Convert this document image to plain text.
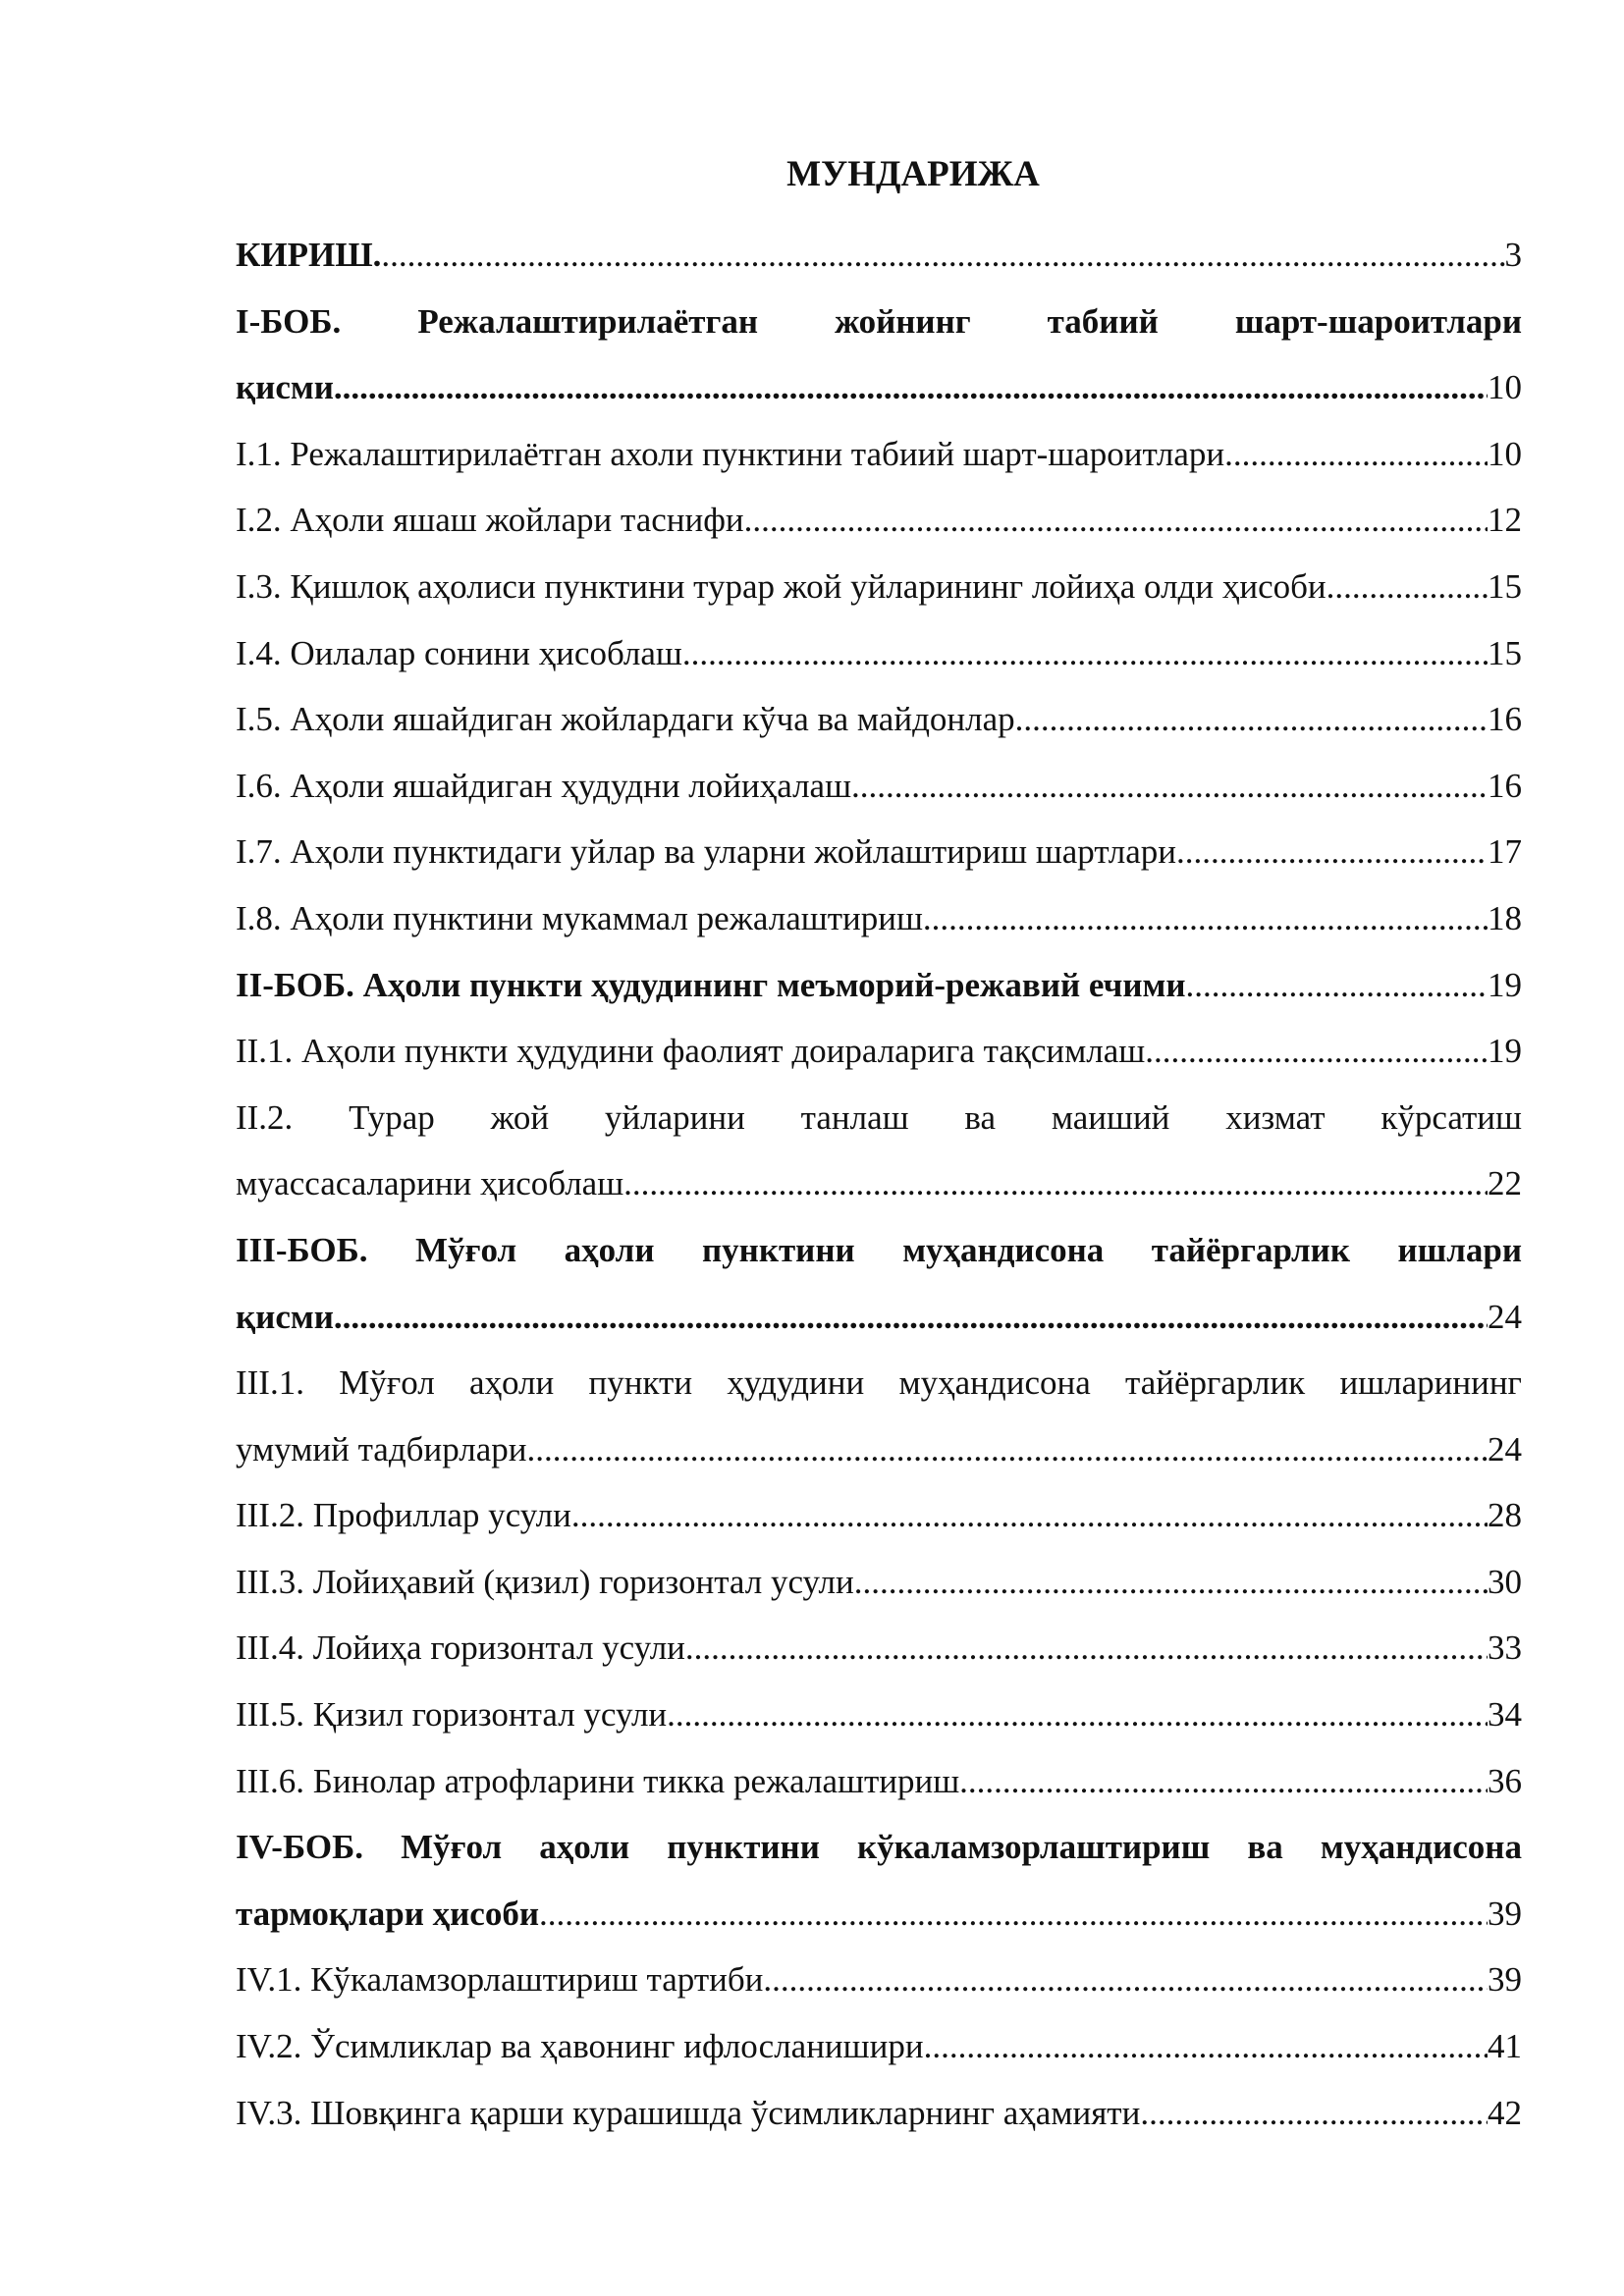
МУНДАРИЖА
КИРИШ. .....	3
I-БОБ. Режалаштирилаётган жойнинг табиий шарт-шароитлари
қисми. .....	10
I.1. Режалаштирилаётган ахоли пунктини табиий шарт-шароитлари .....	10
I.2. Аҳоли яшаш жойлари таснифи .....	12
I.3. Қишлоқ аҳолиси пунктини турар жой уйларининг лойиҳа олди ҳисоби. .....	15
I.4. Оилалар сонини ҳисоблаш .....	15
I.5. Аҳоли яшайдиган жойлардаги кўча ва майдонлар .....	16
I.6. Аҳоли яшайдиган ҳудудни лойиҳалаш .....	16
I.7. Аҳоли пунктидаги уйлар ва уларни жойлаштириш шартлари .....	17
I.8. Аҳоли пунктини мукаммал режалаштириш .....	18
II-БОБ. Аҳоли пункти ҳудудининг меъморий-режавий ечими .....	19
II.1. Аҳоли пункти ҳудудини фаолият доираларига тақсимлаш .....	19
II.2. Турар жой уйларини танлаш ва маиший хизмат кўрсатиш
муассасаларини ҳисоблаш .....	22
III-БОБ. Мўғол аҳоли пунктини муҳандисона тайёргарлик ишлари
қисми .....	24
III.1. Мўғол аҳоли пункти ҳудудини муҳандисона тайёргарлик ишларининг
умумий тадбирлари .....	24
III.2. Профиллар усули .....	28
III.3. Лойиҳавий (қизил) горизонтал усули .....	30
III.4. Лойиҳа горизонтал усули .....	33
III.5. Қизил горизонтал усули .....	34
III.6. Бинолар атрофларини тикка режалаштириш .....	36
IV-БОБ. Мўғол аҳоли пунктини кўкаламзорлаштириш ва муҳандисона
тармоқлари ҳисоби .....	39
IV.1. Кўкаламзорлаштириш тартиби .....	39
IV.2. Ўсимликлар ва ҳавонинг ифлосланишири .....	41
IV.3. Шовқинга қарши курашишда ўсимликларнинг аҳамияти .....	42
